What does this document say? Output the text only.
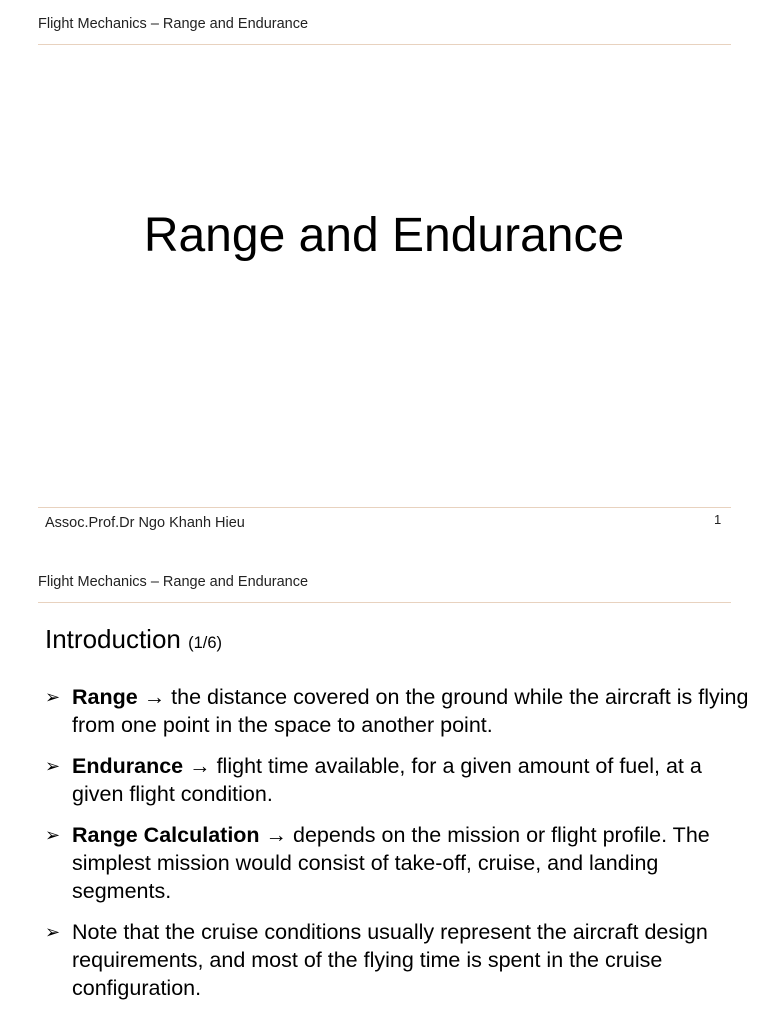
Flight Mechanics – Range and Endurance
Range and Endurance
Assoc.Prof.Dr Ngo Khanh Hieu	1
Flight Mechanics – Range and Endurance
Introduction (1/6)
➢ Range → the distance covered on the ground while the aircraft is flying from one point in the space to another point.
➢ Endurance → flight time available, for a given amount of fuel, at a given flight condition.
➢ Range Calculation → depends on the mission or flight profile. The simplest mission would consist of take-off, cruise, and landing segments.
➢ Note that the cruise conditions usually represent the aircraft design requirements, and most of the flying time is spent in the cruise configuration.
